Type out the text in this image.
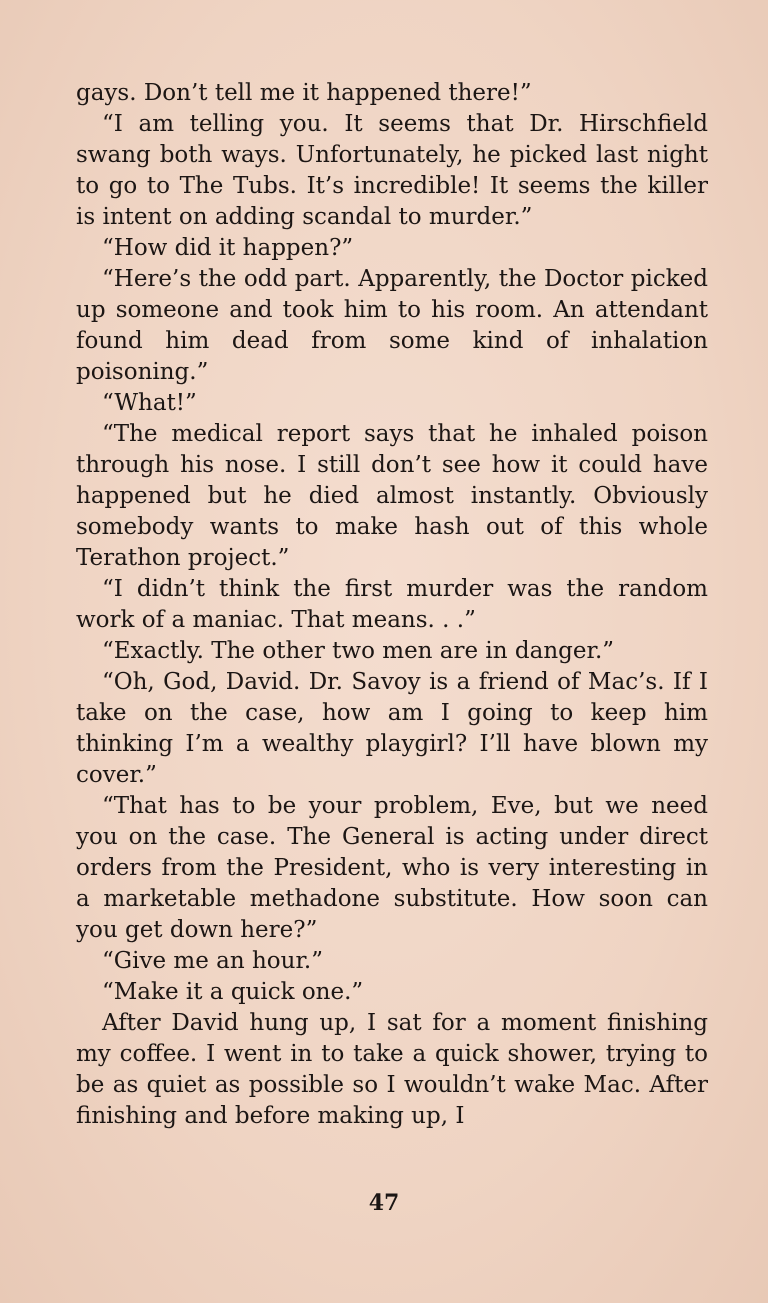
gays. Don’t tell me it happened there!”

“I am telling you. It seems that Dr. Hirschfield swang both ways. Unfortunately, he picked last night to go to The Tubs. It’s incredible! It seems the killer is intent on adding scandal to murder.”

“How did it happen?”

“Here’s the odd part. Apparently, the Doctor picked up someone and took him to his room. An attendant found him dead from some kind of inhalation poisoning.”

“What!”

“The medical report says that he inhaled poison through his nose. I still don’t see how it could have happened but he died almost instantly. Obviously somebody wants to make hash out of this whole Terathon project.”

“I didn’t think the first murder was the random work of a maniac. That means. . .”

“Exactly. The other two men are in danger.”

“Oh, God, David. Dr. Savoy is a friend of Mac’s. If I take on the case, how am I going to keep him thinking I’m a wealthy playgirl? I’ll have blown my cover.”

“That has to be your problem, Eve, but we need you on the case. The General is acting under direct orders from the President, who is very interesting in a marketable methadone substitute. How soon can you get down here?”

“Give me an hour.”

“Make it a quick one.”

After David hung up, I sat for a moment finishing my coffee. I went in to take a quick shower, trying to be as quiet as possible so I wouldn’t wake Mac. After finishing and before making up, I

47
